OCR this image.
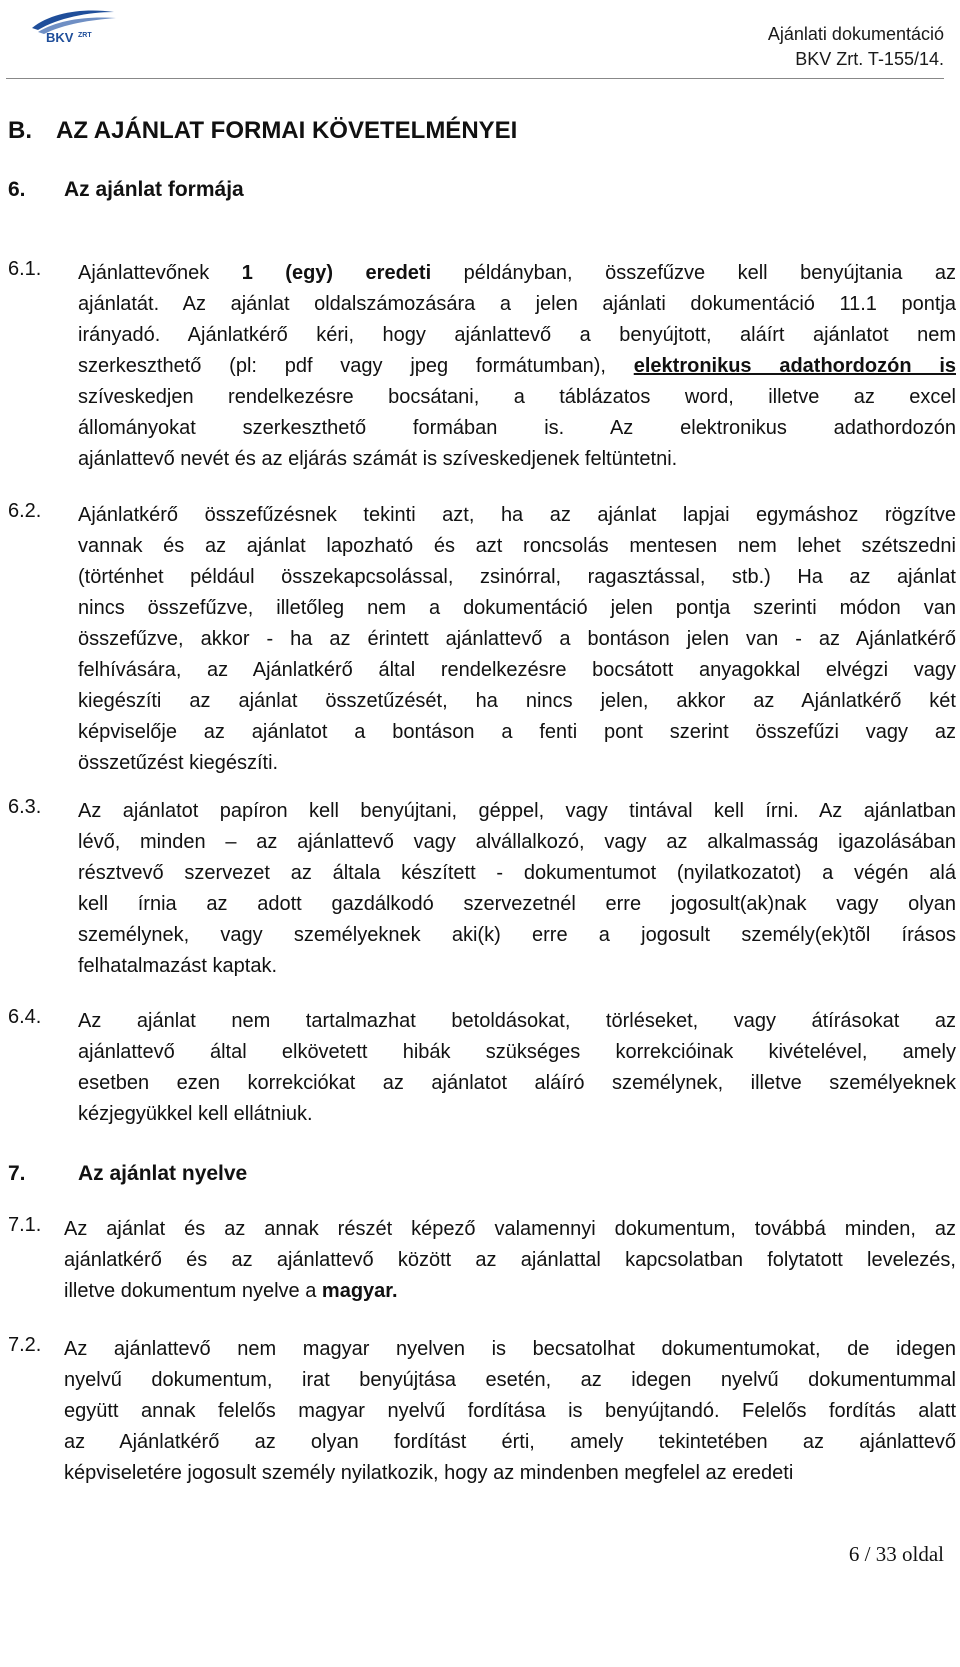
BKV ZRT	Ajánlati dokumentáció
BKV Zrt. T-155/14.
B. AZ AJÁNLAT FORMAI KÖVETELMÉNYEI
6. Az ajánlat formája
6.1. Ajánlattevőnek 1 (egy) eredeti példányban, összefűzve kell benyújtania az
ajánlatát. Az ajánlat oldalszámozására a jelen ajánlati dokumentáció 11.1 pontja
irányadó. Ajánlatkérő kéri, hogy ajánlattevő a benyújtott, aláírt ajánlatot nem
szerkeszthető (pl: pdf vagy jpeg formátumban), elektronikus adathordozón is
szíveskedjen rendelkezésre bocsátani, a táblázatos word, illetve az excel
állományokat szerkeszthető formában is. Az elektronikus adathordozón
ajánlattevő nevét és az eljárás számát is szíveskedjenek feltüntetni.
6.2. Ajánlatkérő összefűzésnek tekinti azt, ha az ajánlat lapjai egymáshoz rögzítve
vannak és az ajánlat lapozható és azt roncsolás mentesen nem lehet szétszedni
(történhet például összekapcsolással, zsinórral, ragasztással, stb.) Ha az ajánlat
nincs összefűzve, illetőleg nem a dokumentáció jelen pontja szerinti módon van
összefűzve, akkor - ha az érintett ajánlattevő a bontáson jelen van - az Ajánlatkérő
felhívására, az Ajánlatkérő által rendelkezésre bocsátott anyagokkal elvégzi vagy
kiegészíti az ajánlat összetűzését, ha nincs jelen, akkor az Ajánlatkérő két
képviselője az ajánlatot a bontáson a fenti pont szerint összefűzi vagy az
összetűzést kiegészíti.
6.3. Az ajánlatot papíron kell benyújtani, géppel, vagy tintával kell írni. Az ajánlatban
lévő, minden – az ajánlattevő vagy alvállalkozó, vagy az alkalmasság igazolásában
résztvevő szervezet az általa készített - dokumentumot (nyilatkozatot) a végén alá
kell írnia az adott gazdálkodó szervezetnél erre jogosult(ak)nak vagy olyan
személynek, vagy személyeknek aki(k) erre a jogosult személy(ek)tõl írásos
felhatalmazást kaptak.
6.4. Az ajánlat nem tartalmazhat betoldásokat, törléseket, vagy átírásokat az
ajánlattevő által elkövetett hibák szükséges korrekcióinak kivételével, amely
esetben ezen korrekciókat az ajánlatot aláíró személynek, illetve személyeknek
kézjegyükkel kell ellátniuk.
7. Az ajánlat nyelve
7.1. Az ajánlat és az annak részét képező valamennyi dokumentum, továbbá minden, az
ajánlatkérő és az ajánlattevő között az ajánlattal kapcsolatban folytatott levelezés,
illetve dokumentum nyelve a magyar.
7.2. Az ajánlattevő nem magyar nyelven is becsatolhat dokumentumokat, de idegen
nyelvű dokumentum, irat benyújtása esetén, az idegen nyelvű dokumentummal
együtt annak felelős magyar nyelvű fordítása is benyújtandó. Felelős fordítás alatt
az Ajánlatkérő az olyan fordítást érti, amely tekintetében az ajánlattevő
képviseletére jogosult személy nyilatkozik, hogy az mindenben megfelel az eredeti
6 / 33 oldal
